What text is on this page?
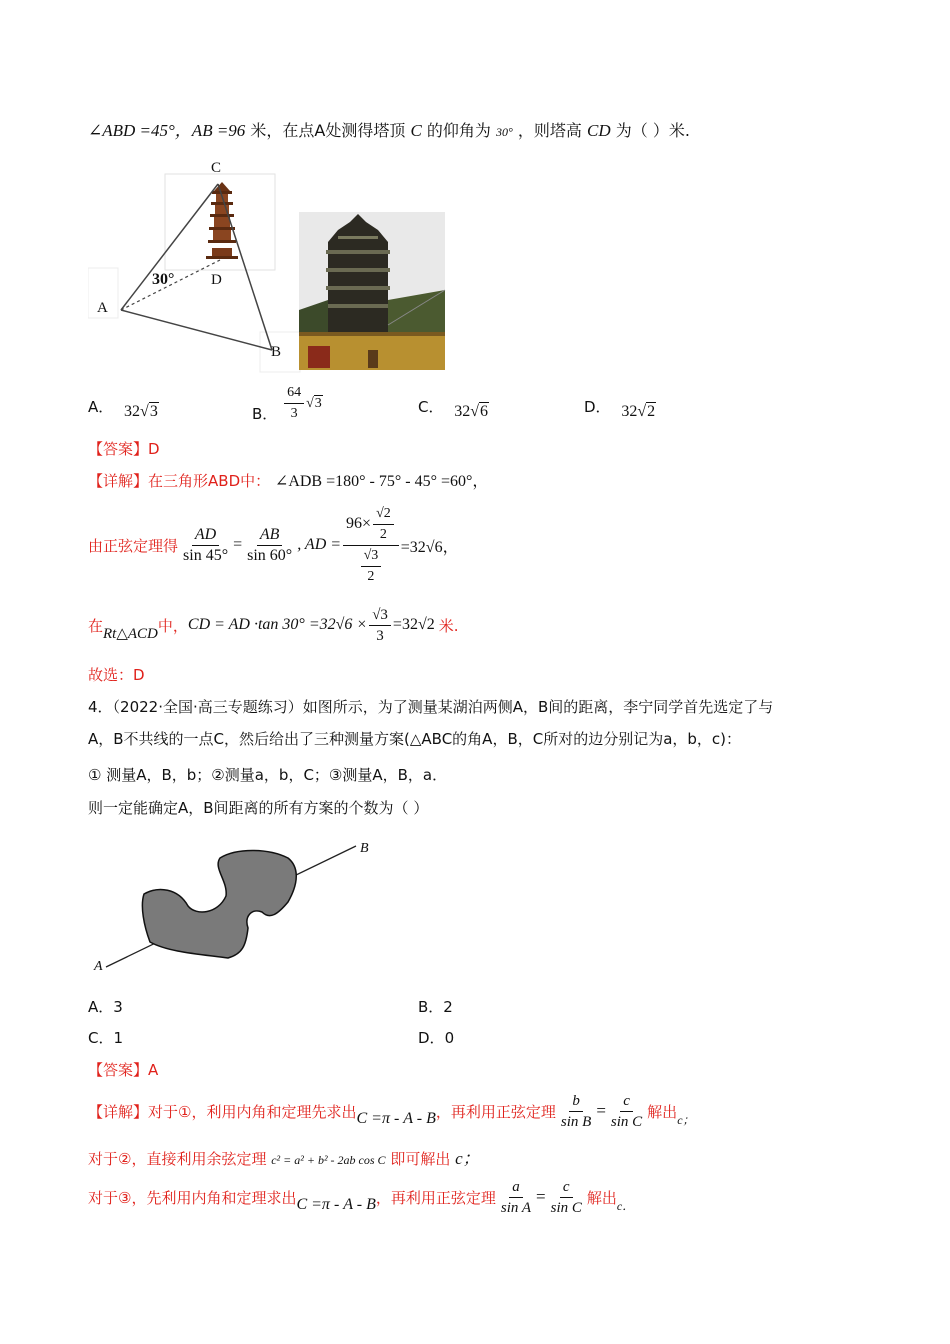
∠ABD =45°，AB =96 米，在点A处测得塔顶 C 的仰角为 30° ，则塔高 CD 为（ ）米.
C
D
A
B
30°
A． 32√3	B． $\frac{64}{3} √3$	C． 32√6	D． 32√2
【答案】D
【详解】在三角形ABD中： ∠ADB =180° - 75° - 45° =60°，
由正弦定理得 $\frac{AD}{\sin 45^\circ} = \frac{AB}{\sin 60^\circ}$ , AD = $\frac{96\times \frac{√2}{2}}{\frac{√3}{2}} =32√6$，
在 Rt△ACD 中， CD = AD ·tan $30^\circ =32√6 \times \frac{√3}{3} =32√2$ 米.
故选：D
4．（2022·全国·高三专题练习）如图所示，为了测量某湖泊两侧A，B间的距离，李宁同学首先选定了与
A，B不共线的一点C，然后给出了三种测量方案(△ABC的角A，B，C所对的边分别记为a，b，c)：
① 测量A，B，b；②测量a，b，C；③测量A，B，a．
则一定能确定A，B间距离的所有方案的个数为（ ）
A
B
A．3	B．2
C．1	D．0
【答案】A
【详解】 对于①，利用内角和定理先求出 C =π - A - B ，再利用正弦定理 $\frac{b}{\text{sin B}} = \frac{c}{\text{sin C}}$ 解出 c；
对于②，直接利用余弦定理 c² = a² + b² - 2ab cos C 即可解出 c；
对于③，先利用内角和定理求出 C =π - A - B ，再利用正弦定理 $\frac{a}{\text{sin A}} = \frac{c}{\text{sin C}}$ 解出 c．
